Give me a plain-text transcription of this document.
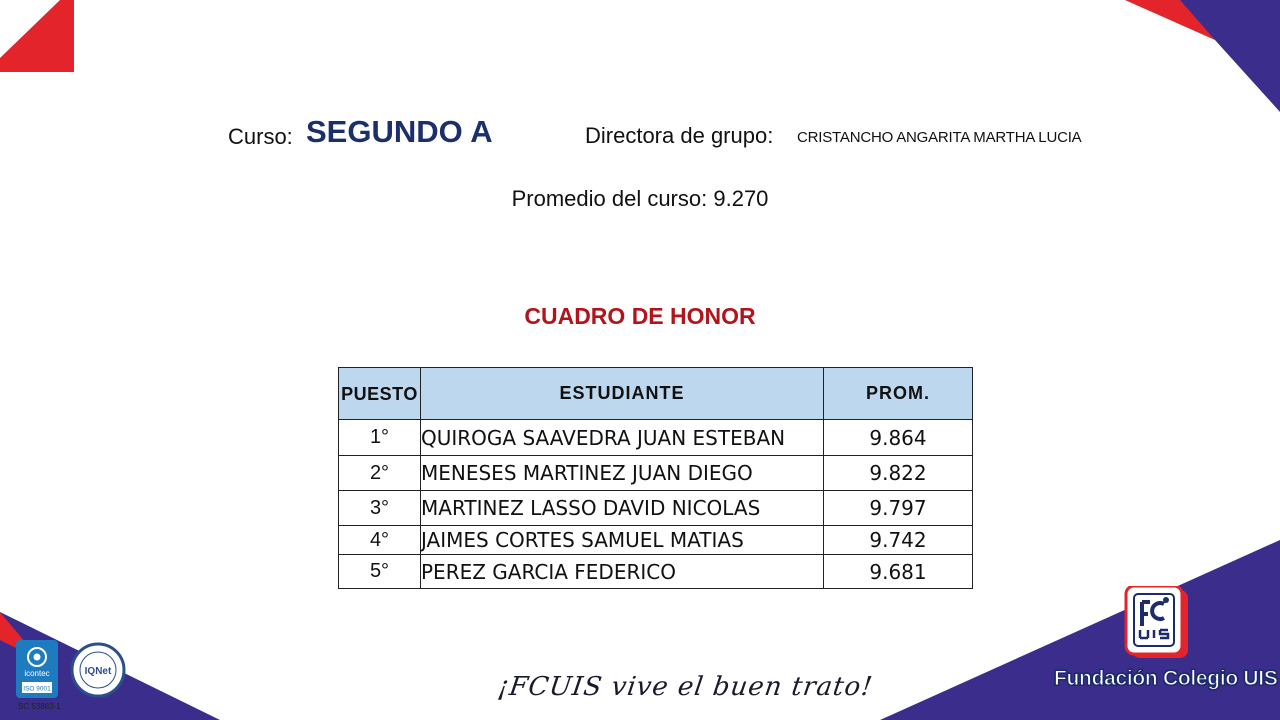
Curso: SEGUNDO A	Directora de grupo: CRISTANCHO ANGARITA MARTHA LUCIA
Promedio del curso: 9.270
CUADRO DE HONOR
PUESTO	ESTUDIANTE	PROM.
1°	QUIROGA SAAVEDRA JUAN ESTEBAN	9.864
2°	MENESES MARTINEZ JUAN DIEGO	9.822
3°	MARTINEZ LASSO DAVID NICOLAS	9.797
4°	JAIMES CORTES SAMUEL MATIAS	9.742
5°	PEREZ GARCIA FEDERICO	9.681
icontec
ISO 9001
SC 53883-1
IQNet
¡FCUIS vive el buen trato!	Fundación Colegio UIS
